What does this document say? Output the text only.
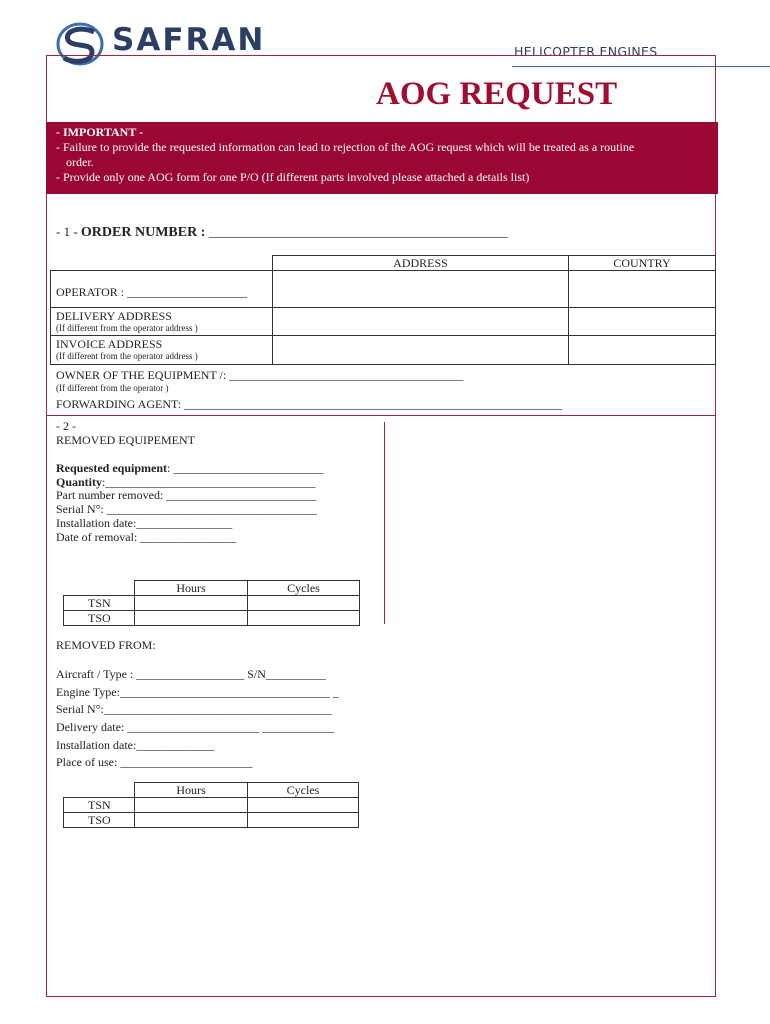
SAFRAN	HELICOPTER ENGINES
AOG REQUEST
- IMPORTANT -
- Failure to provide the requested information can lead to rejection of the AOG request which will be treated as a routine
order.
- Provide only one AOG form for one P/O (If different parts involved please attached a details list)
- 1 - ORDER NUMBER : ______________________________________________
ADDRESS	COUNTRY
OPERATOR : ____________________
DELIVERY ADDRESS
(If different from the operator address )
INVOICE ADDRESS
(If different from the operator address )
OWNER OF THE EQUIPMENT /: _______________________________________
(If different from the operator )
FORWARDING AGENT: _______________________________________________________________
- 2 -
REMOVED EQUIPEMENT
Requested equipment: _________________________
Quantity:___________________________________
Part number removed: _________________________
Serial N°: ___________________________________
Installation date:________________
Date of removal: ________________
Hours	Cycles
TSN
TSO
REMOVED FROM:
Aircraft / Type : __________________ S/N__________
Engine Type:___________________________________ _
Serial N°:______________________________________
Delivery date: ______________________ ____________
Installation date:_____________
Place of use: ______________________
Hours	Cycles
TSN
TSO
